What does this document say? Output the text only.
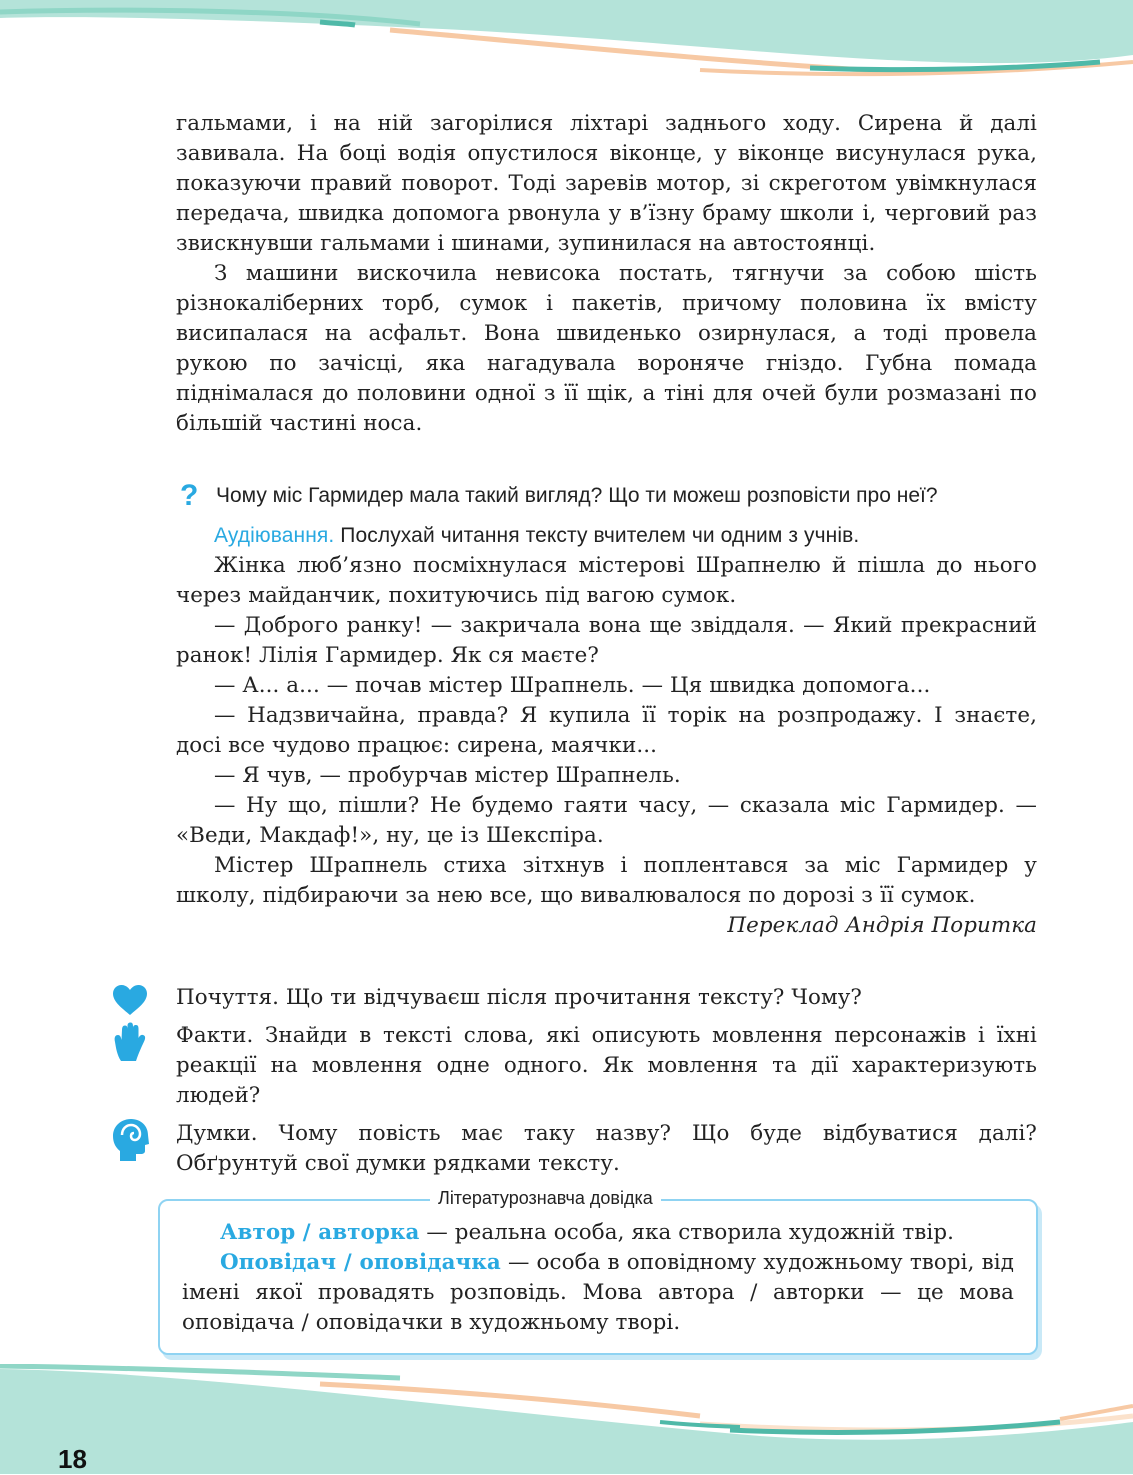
гальмами, і на ній загорілися ліхтарі заднього ходу. Сирена й далі завивала. На боці водія опустилося віконце, у віконце висунулася рука, показуючи правий поворот. Тоді заревів мотор, зі скреготом увімкнулася передача, швидка допомога рвонула у в’їзну браму школи і, черговий раз звискнувши гальмами і шинами, зупинилася на автостоянці.

З машини вискочила невисока постать, тягнучи за собою шість різнокаліберних торб, сумок і пакетів, причому половина їх вмісту висипалася на асфальт. Вона швиденько озирнулася, а тоді провела рукою по зачісці, яка нагадувала вороняче гніздо. Губна помада піднімалася до половини одної з її щік, а тіні для очей були розмазані по більшій частині носа.

? Чому міс Гармидер мала такий вигляд? Що ти можеш розповісти про неї?

Аудіювання. Послухай читання тексту вчителем чи одним з учнів.

Жінка люб’язно посміхнулася містерові Шрапнелю й пішла до нього через майданчик, похитуючись під вагою сумок.

— Доброго ранку! — закричала вона ще звіддаля. — Який прекрасний ранок! Лілія Гармидер. Як ся маєте?

— А... а... — почав містер Шрапнель. — Ця швидка допомога...

— Надзвичайна, правда? Я купила її торік на розпродажу. І знаєте, досі все чудово працює: сирена, маячки...

— Я чув, — пробурчав містер Шрапнель.

— Ну що, пішли? Не будемо гаяти часу, — сказала міс Гармидер. — «Веди, Макдаф!», ну, це із Шекспіра.

Містер Шрапнель стиха зітхнув і поплентався за міс Гармидер у школу, підбираючи за нею все, що вивалювалося по дорозі з її сумок.

Переклад Андрія Поритка

Почуття. Що ти відчуваєш після прочитання тексту? Чому?

Факти. Знайди в тексті слова, які описують мовлення персонажів і їхні реакції на мовлення одне одного. Як мовлення та дії характеризують людей?

Думки. Чому повість має таку назву? Що буде відбуватися далі? Обґрунтуй свої думки рядками тексту.

Літературознавча довідка

Автор / авторка — реальна особа, яка створила художній твір.

Оповідач / оповідачка — особа в оповідному художньому творі, від імені якої провадять розповідь. Мова автора / авторки — це мова оповідача / оповідачки в художньому творі.

18
